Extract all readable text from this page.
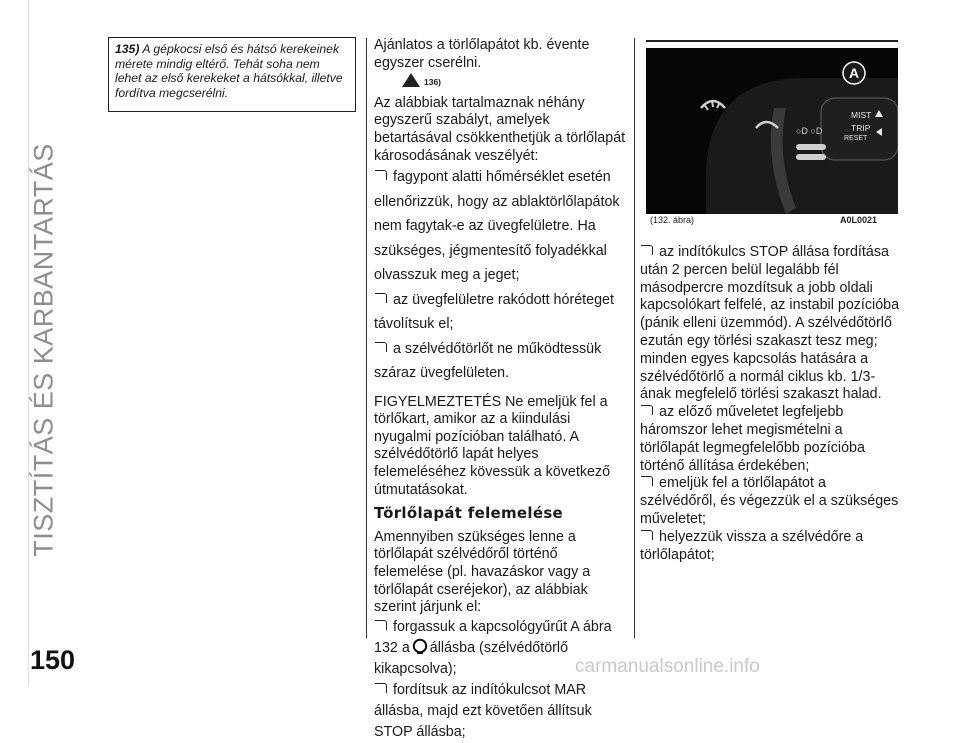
TISZTÍTÁS ÉS KARBANTARTÁS
150	carmanualsonline.info
135) A gépkocsi első és hátsó kerekeinek mérete mindig eltérő. Tehát soha nem lehet az első kerekeket a hátsókkal, illetve fordítva megcserélni.

Ajánlatos a törlőlapátot kb. évente egyszer cserélni.

136)

Az alábbiak tartalmaznak néhány egyszerű szabályt, amelyek betartásával csökkenthetjük a törlőlapát károsodásának veszélyét:

fagypont alatti hőmérséklet esetén ellenőrizzük, hogy az ablaktörlőlapátok nem fagytak-e az üvegfelületre. Ha szükséges, jégmentesítő folyadékkal olvasszuk meg a jeget;

az üvegfelületre rakódott hóréteget távolítsuk el;

a szélvédőtörlőt ne működtessük száraz üvegfelületen.

FIGYELMEZTETÉS Ne emeljük fel a törlőkart, amikor az a kiindulási nyugalmi pozícióban található. A szélvédőtörlő lapát helyes felemeléséhez kövessük a következő útmutatásokat.

Törlőlapát felemelése

Amennyiben szükséges lenne a törlőlapát szélvédőről történő felemelése (pl. havazáskor vagy a törlőlapát cseréjekor), az alábbiak szerint járjunk el:

forgassuk a kapcsológyűrűt A ábra 132 a állásba (szélvédőtörlő kikapcsolva);

fordítsuk az indítókulcsot MAR állásba, majd ezt követően állítsuk STOP állásba;

○D ○D
A
MIST
TRIP
RESET
(132. ábra)	A0L0021

az indítókulcs STOP állása fordítása után 2 percen belül legalább fél másodpercre mozdítsuk a jobb oldali kapcsolókart felfelé, az instabil pozícióba (pánik elleni üzemmód). A szélvédőtörlő ezután egy törlési szakaszt tesz meg; minden egyes kapcsolás hatására a szélvédőtörlő a normál ciklus kb. 1/3-ának megfelelő törlési szakaszt halad.

az előző műveletet legfeljebb háromszor lehet megismételni a törlőlapát legmegfelelőbb pozícióba történő állítása érdekében;

emeljük fel a törlőlapátot a szélvédőről, és végezzük el a szükséges műveletet;

helyezzük vissza a szélvédőre a törlőlapátot;
